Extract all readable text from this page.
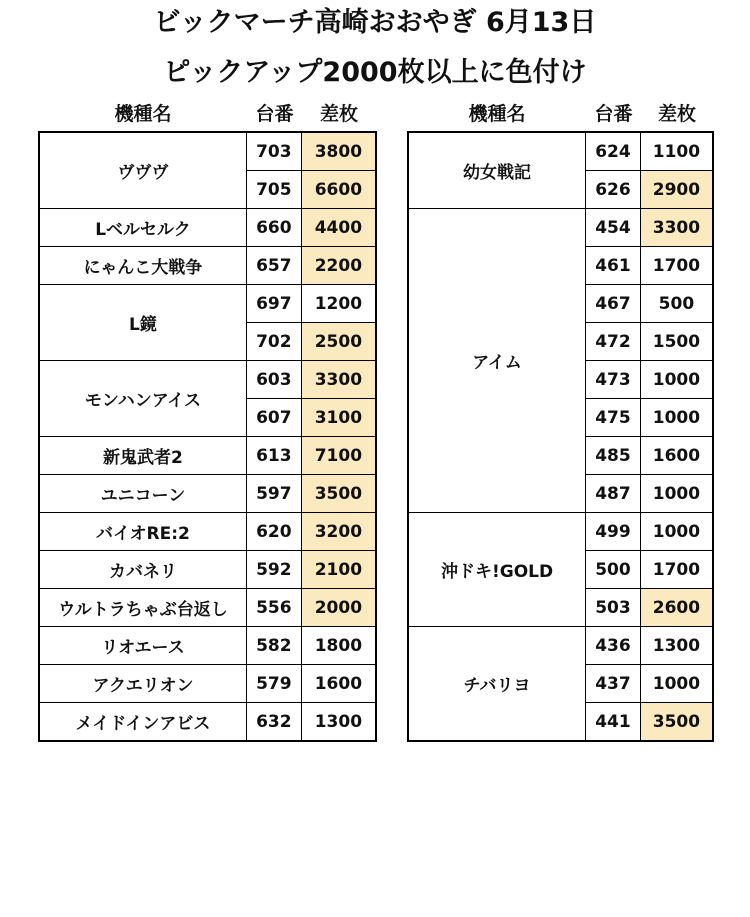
ビックマーチ高崎おおやぎ 6月13日
ピックアップ2000枚以上に色付け
機種名	台番	差枚	機種名	台番	差枚
ヴヴヴ	703	3800
	705	6600
Lベルセルク	660	4400
にゃんこ大戦争	657	2200
L鏡	697	1200
	702	2500
モンハンアイス	603	3300
	607	3100
新鬼武者2	613	7100
ユニコーン	597	3500
バイオRE:2	620	3200
カバネリ	592	2100
ウルトラちゃぶ台返し	556	2000
リオエース	582	1800
アクエリオン	579	1600
メイドインアビス	632	1300
幼女戦記	624	1100
	626	2900
アイム	454	3300
	461	1700
	467	500
	472	1500
	473	1000
	475	1000
	485	1600
	487	1000
沖ドキ!GOLD	499	1000
	500	1700
	503	2600
チバリヨ	436	1300
	437	1000
	441	3500
